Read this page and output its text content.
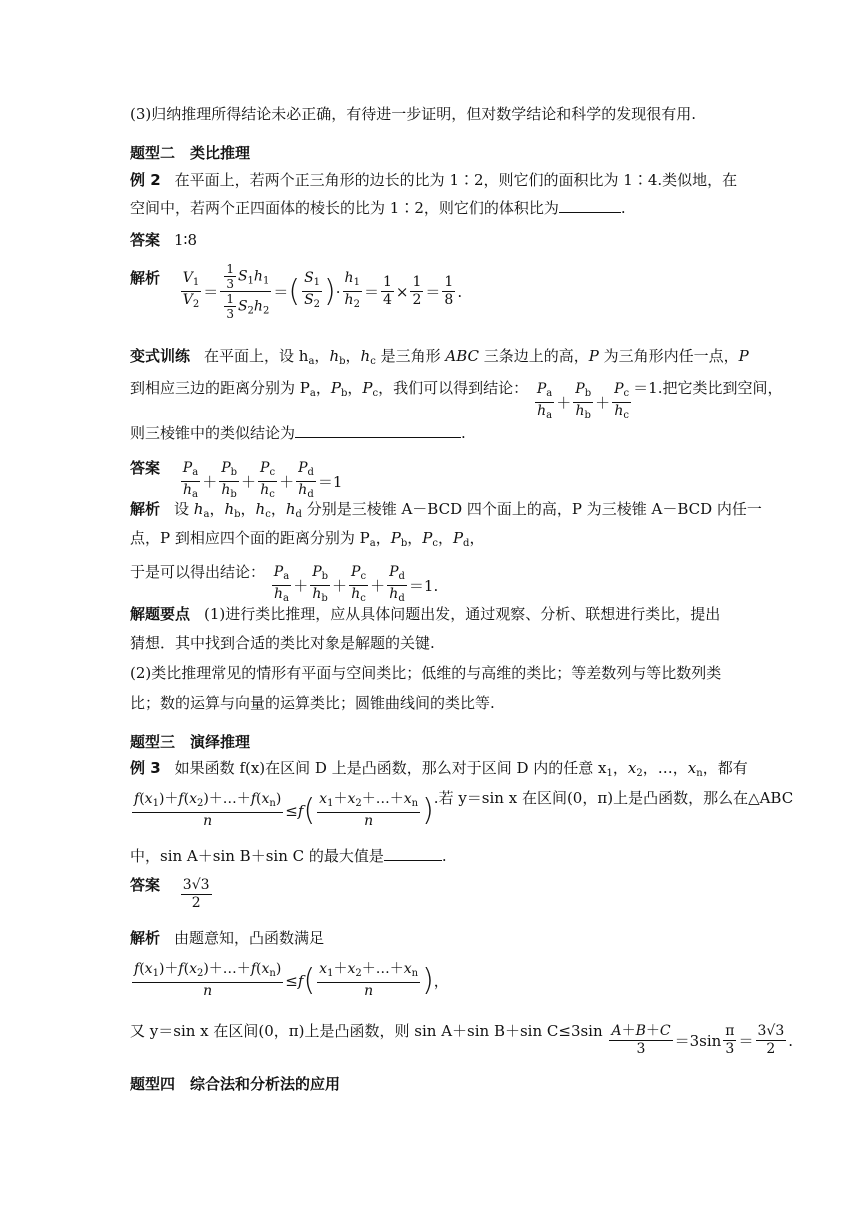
(3)归纳推理所得结论未必正确，有待进一步证明，但对数学结论和科学的发现很有用.
题型二　类比推理
例 2 在平面上，若两个正三角形的边长的比为 1∶2，则它们的面积比为 1∶4.类似地，在
空间中，若两个正四面体的棱长的比为 1∶2，则它们的体积比为	.
答案 1∶8
解析 $\frac{V_1}{V_2} = \frac{\frac{1}{3} S_1h_1}{\frac{1}{3} S_2h_2}$ ＝ ( $\frac{S_1}{S_2}$ ) · $\frac{h_1}{h_2} = \frac{1}{4} \times \frac{1}{2} = \frac{1}{8}$ .
变式训练 在平面上，设 $h_a$，$h_b$，$h_c$ 是三角形 ABC 三条边上的高，P 为三角形内任一点，P
到相应三边的距离分别为 $P_a$，$P_b$，$P_c$，我们可以得到结论： $\frac{P_a}{h_a} + \frac{P_b}{h_b} + \frac{P_c}{h_c} =1$.把它类比到空间，
则三棱锥中的类似结论为	.
答案 $\frac{P_a}{h_a} + \frac{P_b}{h_b} + \frac{P_c}{h_c} + \frac{P_d}{h_d} =1$
解析 设 $h_a$，$h_b$，$h_c$，$h_d$ 分别是三棱锥 A－BCD 四个面上的高，P 为三棱锥 A－BCD 内任一
点，P 到相应四个面的距离分别为 $P_a$，$P_b$，$P_c$，$P_d$，
于是可以得出结论： $\frac{P_a}{h_a} + \frac{P_b}{h_b} + \frac{P_c}{h_c} + \frac{P_d}{h_d} =1$.
解题要点 (1)进行类比推理，应从具体问题出发，通过观察、分析、联想进行类比，提出
猜想．其中找到合适的类比对象是解题的关键.
(2)类比推理常见的情形有平面与空间类比；低维的与高维的类比；等差数列与等比数列类
比；数的运算与向量的运算类比；圆锥曲线间的类比等.
题型三　演绎推理
例 3 如果函数 f(x)在区间 D 上是凸函数，那么对于区间 D 内的任意 $x_1$，$x_2$，…，$x_n$，都有
$\frac{f(x_1)+f(x_2)+\dots+f(x_n)}{n} \le f$ ( $\frac{x_1+x_2+\dots+x_n}{n}$ ) .若 y＝sin x 在区间(0，π)上是凸函数，那么在△ABC
中，sin A＋sin B＋sin C 的最大值是	.
答案 $\frac{3√3}{2}$
解析 由题意知，凸函数满足
$\frac{f(x_1)+f(x_2)+\dots+f(x_n)}{n} \le f$ ( $\frac{x_1+x_2+\dots+x_n}{n}$ ) ，
又 y＝sin x 在区间(0，π)上是凸函数，则 sin A＋sin B＋sin $C\le 3\sin \frac{A+B+C}{3} =3\sin \frac{\pi}{3} = \frac{3√3}{2}$ .
题型四　综合法和分析法的应用
